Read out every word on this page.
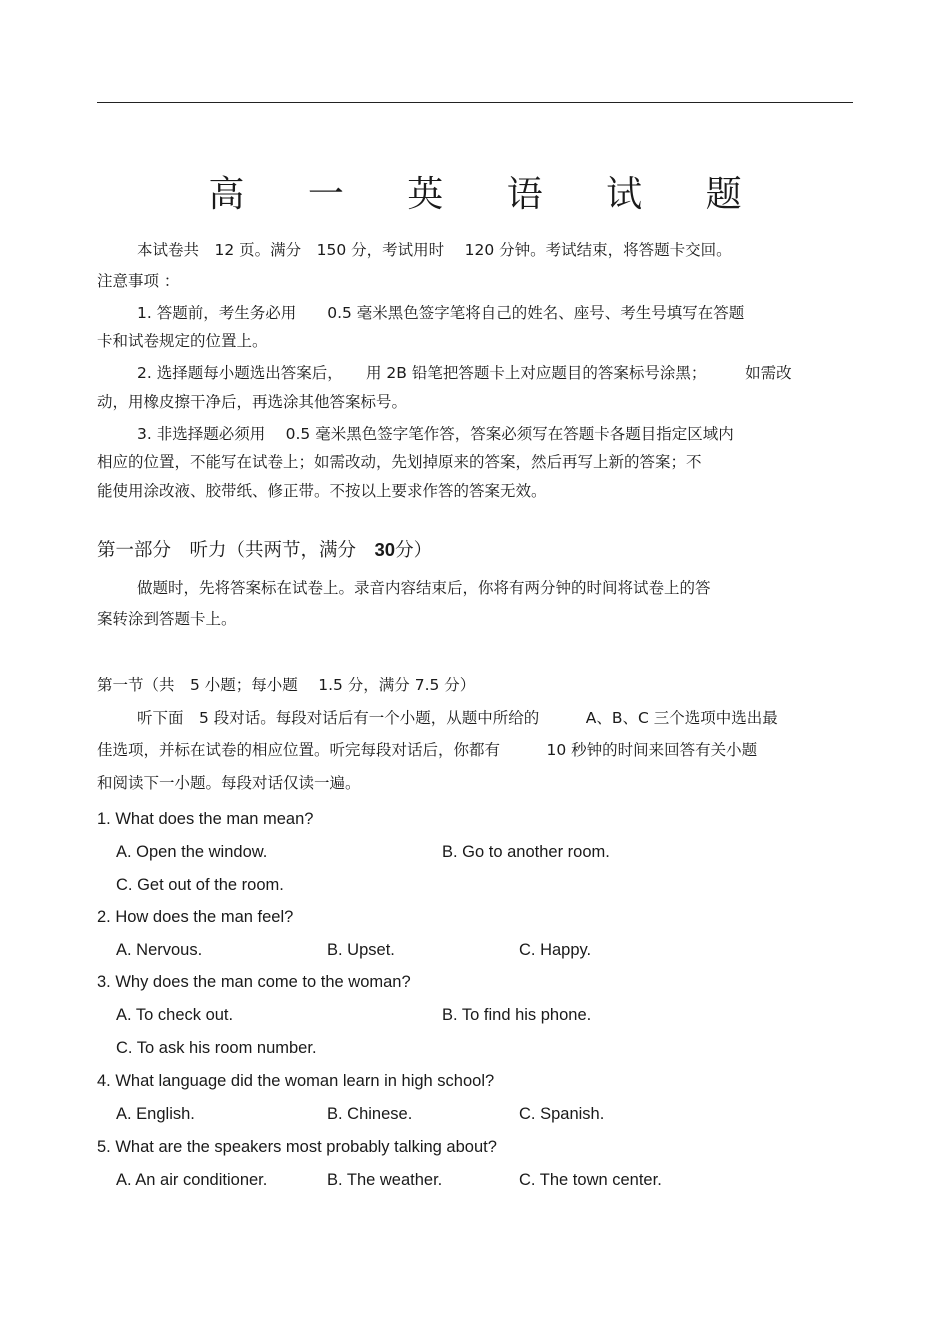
高 一 英 语 试 题
本试卷共　12 页。满分　150 分，考试用时　 120 分钟。考试结束，将答题卡交回。
注意事项 ：
1. 答题前，考生务必用　　0.5 毫米黑色签字笔将自己的姓名、座号、考生号填写在答题
卡和试卷规定的位置上。
2. 选择题每小题选出答案后，　　用 2B 铅笔把答题卡上对应题目的答案标号涂黑；　　　如需改
动，用橡皮擦干净后，再选涂其他答案标号。
3. 非选择题必须用　 0.5 毫米黑色签字笔作答，答案必须写在答题卡各题目指定区域内
相应的位置，不能写在试卷上；如需改动，先划掉原来的答案，然后再写上新的答案；不
能使用涂改液、胶带纸、修正带。不按以上要求作答的答案无效。
第一部分　听力（共两节，满分　30分）
做题时，先将答案标在试卷上。录音内容结束后，你将有两分钟的时间将试卷上的答
案转涂到答题卡上。
第一节（共　5 小题；每小题　 1.5 分，满分 7.5 分）
听下面　5 段对话。每段对话后有一个小题，从题中所给的　　　A、B、C 三个选项中选出最
佳选项，并标在试卷的相应位置。听完每段对话后，你都有　　　10 秒钟的时间来回答有关小题
和阅读下一小题。每段对话仅读一遍。
1. What does the man mean?
A. Open the window.	B. Go to another room.
C. Get out of the room.
2. How does the man feel?
A. Nervous.	B. Upset.	C. Happy.
3. Why does the man come to the woman?
A. To check out.	B. To find his phone.
C. To ask his room number.
4. What language did the woman learn in high school?
A. English.	B. Chinese.	C. Spanish.
5. What are the speakers most probably talking about?
A. An air conditioner.	B. The weather.	C. The town center.
